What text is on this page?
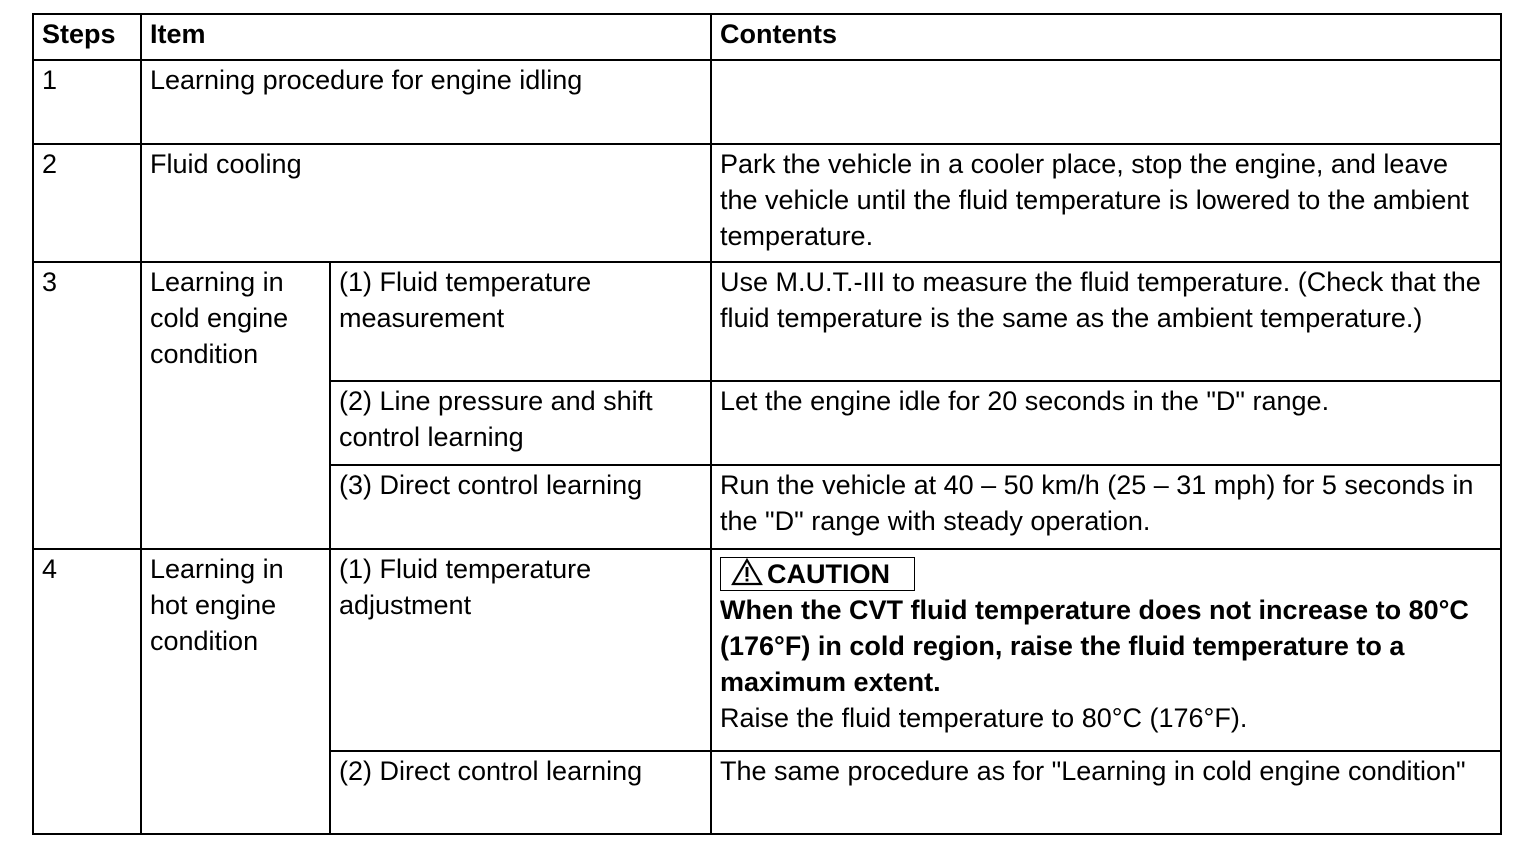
Steps	Item		Contents
1	Learning procedure for engine idling		
2	Fluid cooling		Park the vehicle in a cooler place, stop the engine, and leave the vehicle until the fluid temperature is lowered to the ambient temperature.
3	Learning in cold engine condition	(1) Fluid temperature measurement	Use M.U.T.-III to measure the fluid temperature. (Check that the fluid temperature is the same as the ambient temperature.)
		(2) Line pressure and shift control learning	Let the engine idle for 20 seconds in the "D" range.
		(3) Direct control learning	Run the vehicle at 40 – 50 km/h (25 – 31 mph) for 5 seconds in the "D" range with steady operation.
4	Learning in hot engine condition	(1) Fluid temperature adjustment	CAUTION
When the CVT fluid temperature does not increase to 80°C (176°F) in cold region, raise the fluid temperature to a maximum extent.
Raise the fluid temperature to 80°C (176°F).

		(2) Direct control learning	The same procedure as for "Learning in cold engine condition"
